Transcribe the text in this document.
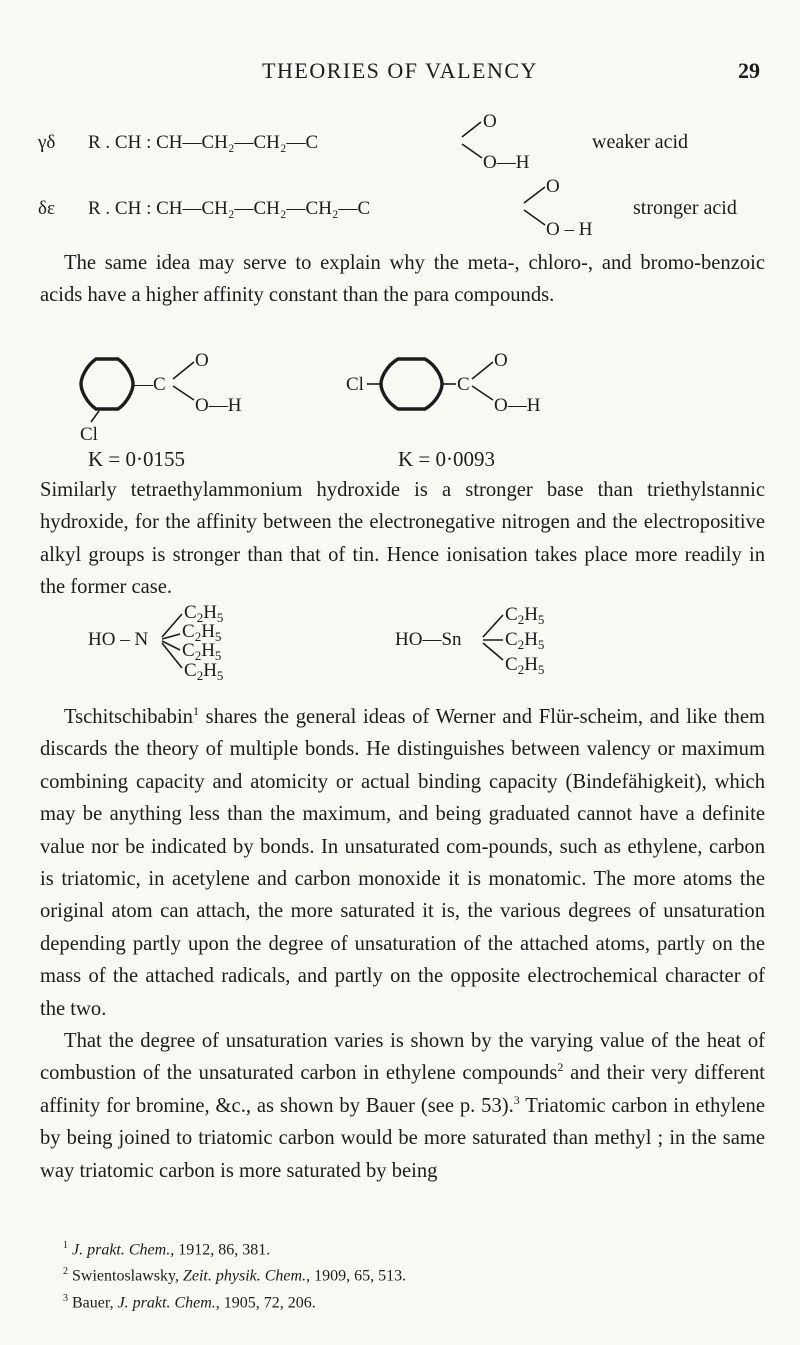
THEORIES OF VALENCY	29
γδ R . CH : CH—CH₂—CH₂—C
O
O—H
weaker acid
δε R . CH : CH—CH₂—CH₂—CH₂—C
O
O – H
stronger acid

The same idea may serve to explain why the meta-, chloro-, and bromo-benzoic acids have a higher affinity constant than the para compounds.

Cl
—C
O
O—H
K = 0·0155
Cl	C
O
O—H
K = 0·0093

Similarly tetraethylammonium hydroxide is a stronger base than triethylstannic hydroxide, for the affinity between the electronegative nitrogen and the electropositive alkyl groups is stronger than that of tin. Hence ionisation takes place more readily in the former case.

HO – N
$C_2H_5$
$C_2H_5$
$C_2H_5$
$C_2H_5$
HO—Sn
$C_2H_5$
$C_2H_5$
$C_2H_5$

Tschitschibabin$^1$ shares the general ideas of Werner and Flür-scheim, and like them discards the theory of multiple bonds. He distinguishes between valency or maximum combining capacity and atomicity or actual binding capacity (Bindefähigkeit), which may be anything less than the maximum, and being graduated cannot have a definite value nor be indicated by bonds. In unsaturated com-pounds, such as ethylene, carbon is triatomic, in acetylene and carbon monoxide it is monatomic. The more atoms the original atom can attach, the more saturated it is, the various degrees of unsaturation depending partly upon the degree of unsaturation of the attached atoms, partly on the mass of the attached radicals, and partly on the opposite electrochemical character of the two.

That the degree of unsaturation varies is shown by the varying value of the heat of combustion of the unsaturated carbon in ethylene compounds$^2$ and their very different affinity for bromine, &c., as shown by Bauer (see p. 53).$^3$ Triatomic carbon in ethylene by being joined to triatomic carbon would be more saturated than methyl ; in the same way triatomic carbon is more saturated by being

$^1$ J. prakt. Chem., 1912, 86, 381.

$^2$ Swientoslawsky, Zeit. physik. Chem., 1909, 65, 513.

$^3$ Bauer, J. prakt. Chem., 1905, 72, 206.
